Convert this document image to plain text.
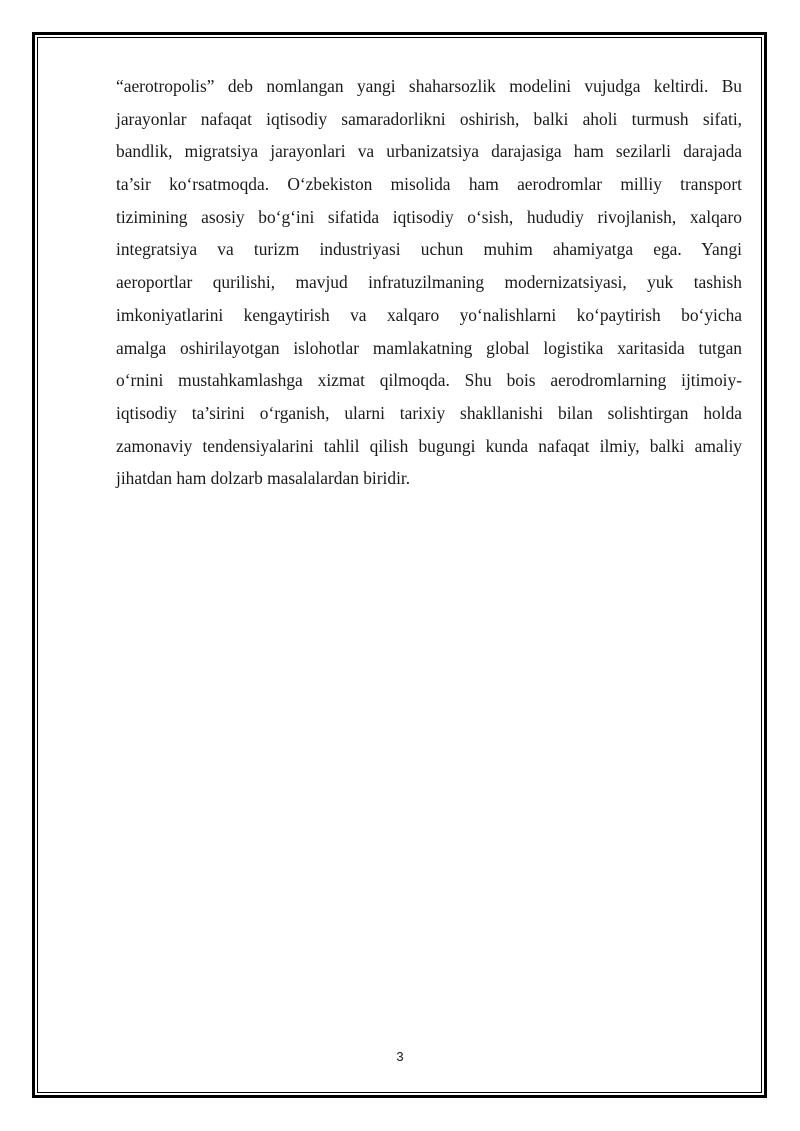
“aerotropolis” deb nomlangan yangi shaharsozlik modelini vujudga keltirdi. Bu
jarayonlar nafaqat iqtisodiy samaradorlikni oshirish, balki aholi turmush sifati,
bandlik, migratsiya jarayonlari va urbanizatsiya darajasiga ham sezilarli darajada
ta’sir ko‘rsatmoqda. O‘zbekiston misolida ham aerodromlar milliy transport
tizimining asosiy bo‘g‘ini sifatida iqtisodiy o‘sish, hududiy rivojlanish, xalqaro
integratsiya va turizm industriyasi uchun muhim ahamiyatga ega. Yangi
aeroportlar qurilishi, mavjud infratuzilmaning modernizatsiyasi, yuk tashish
imkoniyatlarini kengaytirish va xalqaro yo‘nalishlarni ko‘paytirish bo‘yicha
amalga oshirilayotgan islohotlar mamlakatning global logistika xaritasida tutgan
o‘rnini mustahkamlashga xizmat qilmoqda. Shu bois aerodromlarning ijtimoiy-
iqtisodiy ta’sirini o‘rganish, ularni tarixiy shakllanishi bilan solishtirgan holda
zamonaviy tendensiyalarini tahlil qilish bugungi kunda nafaqat ilmiy, balki amaliy
jihatdan ham dolzarb masalalardan biridir.
3
